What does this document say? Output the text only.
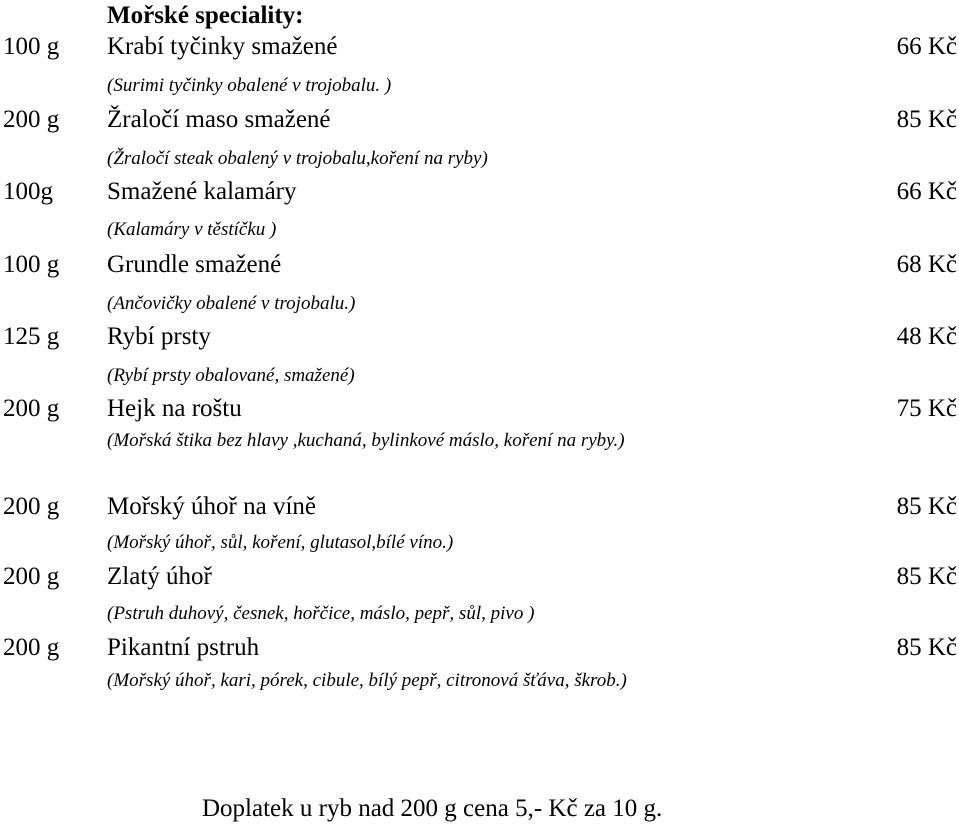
Mořské speciality:
100 g Krabí tyčinky smažené	66 Kč
(Surimi tyčinky obalené v trojobalu. )
200 g Žraločí maso smažené	85 Kč
(Žraločí steak obalený v trojobalu,koření na ryby)
100g Smažené kalamáry	66 Kč
(Kalamáry v těstíčku )
100 g Grundle smažené	68 Kč
(Ančovičky obalené v trojobalu.)
125 g Rybí prsty	48 Kč
(Rybí prsty obalované, smažené)
200 g Hejk na roštu	75 Kč
(Mořská štika bez hlavy ,kuchaná, bylinkové máslo, koření na ryby.)
200 g Mořský úhoř na víně	85 Kč
(Mořský úhoř, sůl, koření, glutasol,bílé víno.)
200 g Zlatý úhoř	85 Kč
(Pstruh duhový, česnek, hořčice, máslo, pepř, sůl, pivo )
200 g Pikantní pstruh	85 Kč
(Mořský úhoř, kari, pórek, cibule, bílý pepř, citronová šťáva, škrob.)
Doplatek u ryb nad 200 g cena 5,- Kč za 10 g.
